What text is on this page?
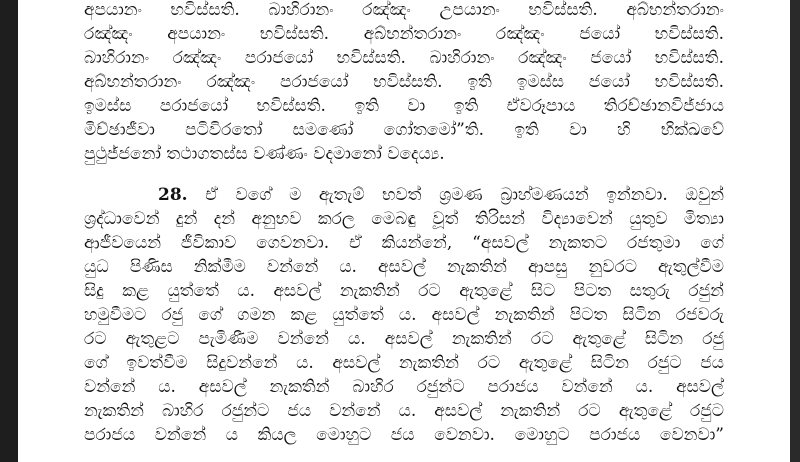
අපයානං භවිස්සති. බාහිරානං රඤ්ඤං උපයානං භවිස්සති. අබ්භන්තරානං
රඤ්ඤං අපයානං භවිස්සති. අබ්භන්තරානං රඤ්ඤං ජයෝ භවිස්සති.
බාහිරානං රඤ්ඤං පරාජයෝ භවිස්සති. බාහිරානං රඤ්ඤං ජයෝ භවිස්සති.
අබ්භන්තරානං රඤ්ඤං පරාජයෝ භවිස්සති. ඉති ඉමස්ස ජයෝ භවිස්සති.
ඉමස්ස පරාජයෝ භවිස්සති. ඉති වා ඉති ඒවරූපාය තිරච්ඡානවිජ්ජාය
මිච්ඡාජීවා පටිවිරතෝ සමණෝ ගෝතමෝ”ති. ඉති වා හි භික්ඛවේ
පුථුජ්ජනෝ තථාගතස්ස වණ්ණං වදමානෝ වදෙය්‍ය.
28. ඒ වගේ ම ඇතැම් භවත් ශ්‍රමණ බ්‍රාහ්මණයන් ඉන්නවා. ඔවුන්
ශ්‍රද්ධාවෙන් දුන් දන් අනුභව කරල මෙබඳු වූත් තිරිසන් විද්‍යාවෙන් යුතුව මිත්‍යා
ආජීවයෙන් ජීවිකාව ගෙවනවා. ඒ කියන්නේ, “අසවල් නැකතට රජතුමා ගේ
යුධ පිණිස නික්මීම වන්නේ ය. අසවල් නැකතින් ආපසු නුවරට ඇතුල්වීම
සිදු කළ යුත්තේ ය. අසවල් නැකතින් රට ඇතුළේ සිට පිටත සතුරු රජුන්
හමුවීමට රජු ගේ ගමන කළ යුත්තේ ය. අසවල් නැකතින් පිටත සිටින රජවරු
රට ඇතුළට පැමිණීම වන්නේ ය. අසවල් නැකතින් රට ඇතුළේ සිටින රජු
ගේ ඉවත්වීම සිදුවන්නේ ය. අසවල් නැකතින් රට ඇතුළේ සිටින රජුට ජය
වන්නේ ය. අසවල් නැකතින් බාහිර රජුන්ට පරාජය වන්නේ ය. අසවල්
නැකතින් බාහිර රජුන්ට ජය වන්නේ ය. අසවල් නැකතින් රට ඇතුළේ රජුට
පරාජය වන්නේ ය කියල මොහුට ජය වෙනවා. මොහුට පරාජය වෙනවා”
